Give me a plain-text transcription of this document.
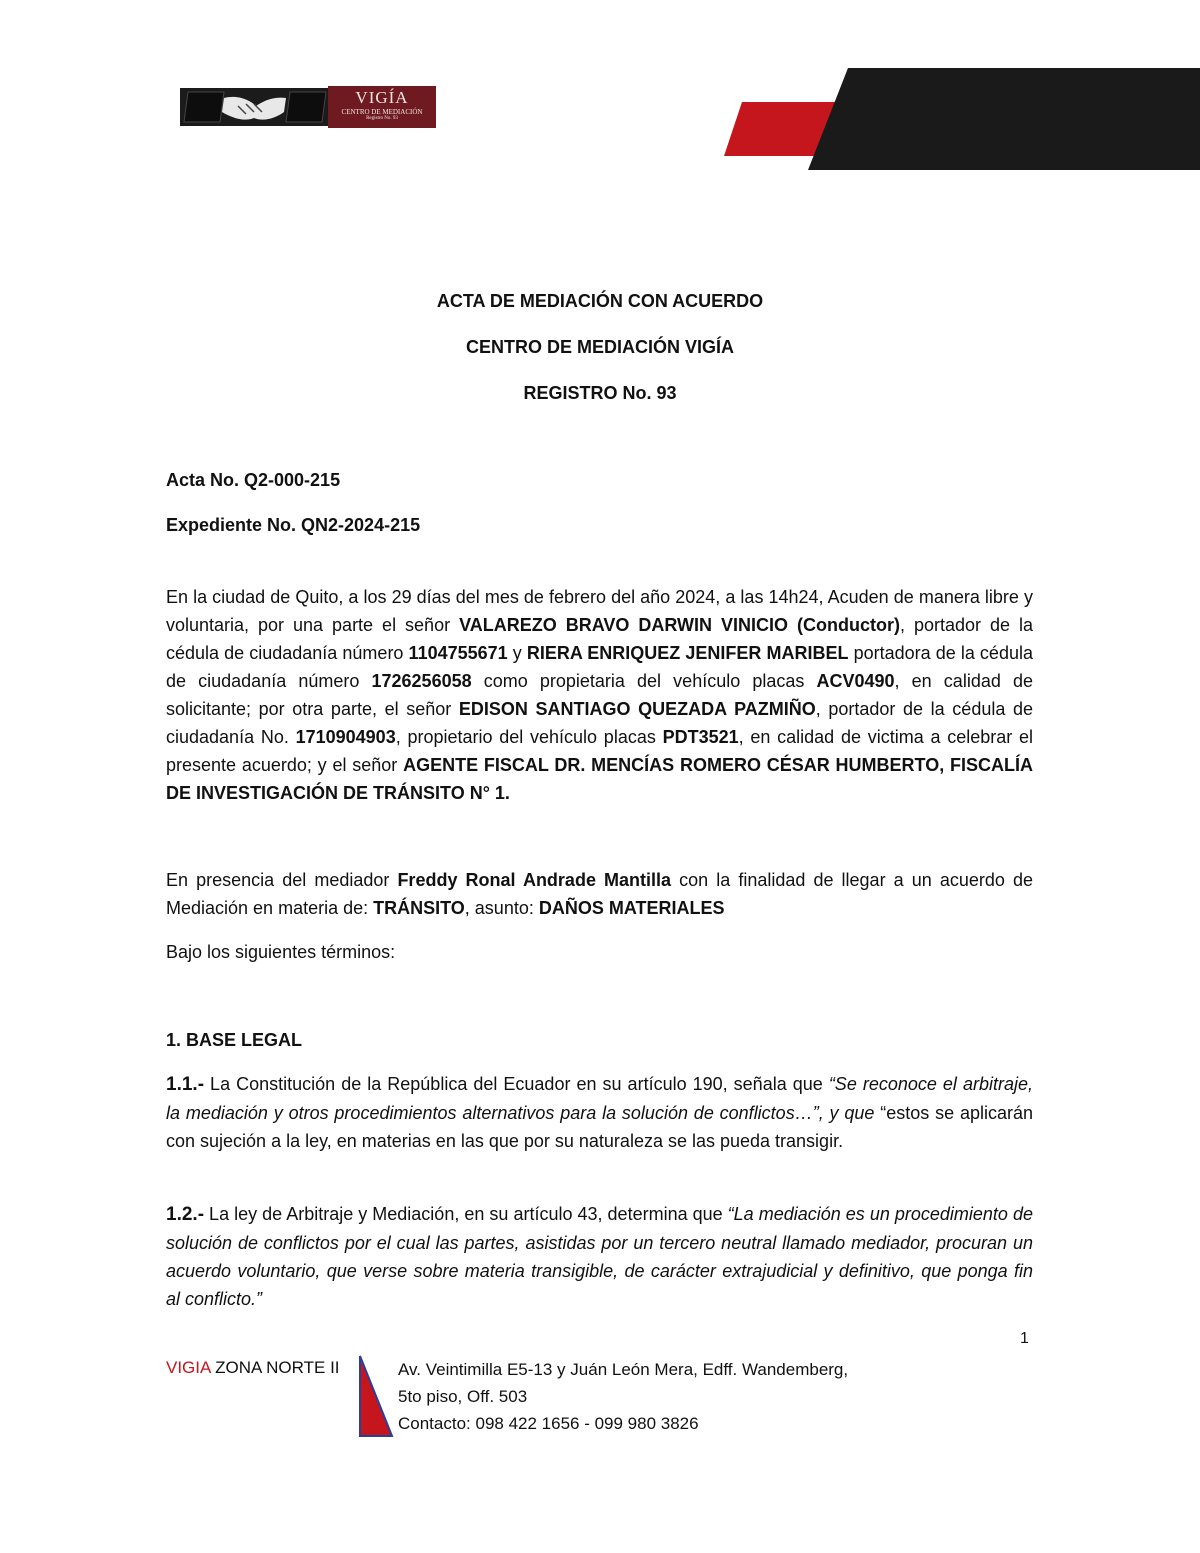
VIGÍA
CENTRO DE MEDIACIÓN
Registro No. 93
ACTA DE MEDIACIÓN CON ACUERDO
CENTRO DE MEDIACIÓN VIGÍA
REGISTRO No. 93
Acta No. Q2-000-215
Expediente No. QN2-2024-215

En la ciudad de Quito, a los 29 días del mes de febrero del año 2024, a las 14h24, Acuden de manera libre y voluntaria, por una parte el señor VALAREZO BRAVO DARWIN VINICIO (Conductor), portador de la cédula de ciudadanía número 1104755671 y RIERA ENRIQUEZ JENIFER MARIBEL portadora de la cédula de ciudadanía número 1726256058 como propietaria del vehículo placas ACV0490, en calidad de solicitante; por otra parte, el señor EDISON SANTIAGO QUEZADA PAZMIÑO, portador de la cédula de ciudadanía No. 1710904903, propietario del vehículo placas PDT3521, en calidad de victima a celebrar el presente acuerdo; y el señor AGENTE FISCAL DR. MENCÍAS ROMERO CÉSAR HUMBERTO, FISCALÍA DE INVESTIGACIÓN DE TRÁNSITO N° 1.

En presencia del mediador Freddy Ronal Andrade Mantilla con la finalidad de llegar a un acuerdo de Mediación en materia de: TRÁNSITO, asunto: DAÑOS MATERIALES

Bajo los siguientes términos:

1. BASE LEGAL

1.1.- La Constitución de la República del Ecuador en su artículo 190, señala que “Se reconoce el arbitraje, la mediación y otros procedimientos alternativos para la solución de conflictos…”, y que “estos se aplicarán con sujeción a la ley, en materias en las que por su naturaleza se las pueda transigir.

1.2.- La ley de Arbitraje y Mediación, en su artículo 43, determina que “La mediación es un procedimiento de solución de conflictos por el cual las partes, asistidas por un tercero neutral llamado mediador, procuran un acuerdo voluntario, que verse sobre materia transigible, de carácter extrajudicial y definitivo, que ponga fin al conflicto.”

1
VIGIA ZONA NORTE II	Av. Veintimilla E5-13 y Juán León Mera, Edff. Wandemberg,
5to piso, Off. 503
Contacto: 098 422 1656 - 099 980 3826
